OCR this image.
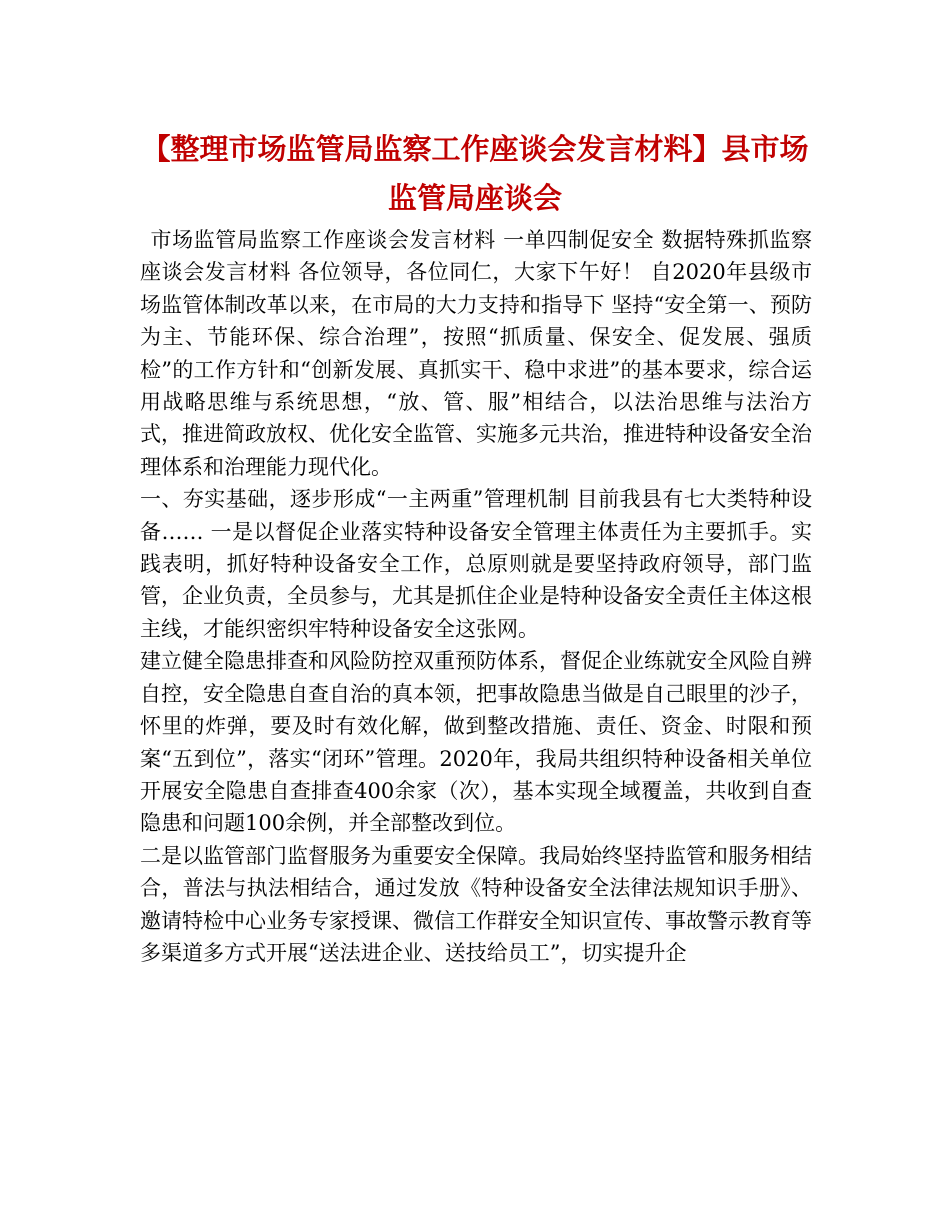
【整理市场监管局监察工作座谈会发言材料】县市场监管局座谈会

市场监管局监察工作座谈会发言材料 一单四制促安全 数据特殊抓监察座谈会发言材料 各位领导，各位同仁，大家下午好！ 自2020年县级市场监管体制改革以来，在市局的大力支持和指导下 坚持“安全第一、预防为主、节能环保、综合治理”，按照“抓质量、保安全、促发展、强质检”的工作方针和“创新发展、真抓实干、稳中求进”的基本要求，综合运用战略思维与系统思想，“放、管、服”相结合，以法治思维与法治方式，推进简政放权、优化安全监管、实施多元共治，推进特种设备安全治理体系和治理能力现代化。

一、夯实基础，逐步形成“一主两重”管理机制 目前我县有七大类特种设备…… 一是以督促企业落实特种设备安全管理主体责任为主要抓手。实践表明，抓好特种设备安全工作，总原则就是要坚持政府领导，部门监管，企业负责，全员参与，尤其是抓住企业是特种设备安全责任主体这根主线，才能织密织牢特种设备安全这张网。

建立健全隐患排查和风险防控双重预防体系，督促企业练就安全风险自辨自控，安全隐患自查自治的真本领，把事故隐患当做是自己眼里的沙子，怀里的炸弹，要及时有效化解，做到整改措施、责任、资金、时限和预案“五到位”，落实“闭环”管理。2020年，我局共组织特种设备相关单位开展安全隐患自查排查400余家（次），基本实现全域覆盖，共收到自查隐患和问题100余例，并全部整改到位。

二是以监管部门监督服务为重要安全保障。我局始终坚持监管和服务相结合，普法与执法相结合，通过发放《特种设备安全法律法规知识手册》、邀请特检中心业务专家授课、微信工作群安全知识宣传、事故警示教育等多渠道多方式开展“送法进企业、送技给员工”，切实提升企
